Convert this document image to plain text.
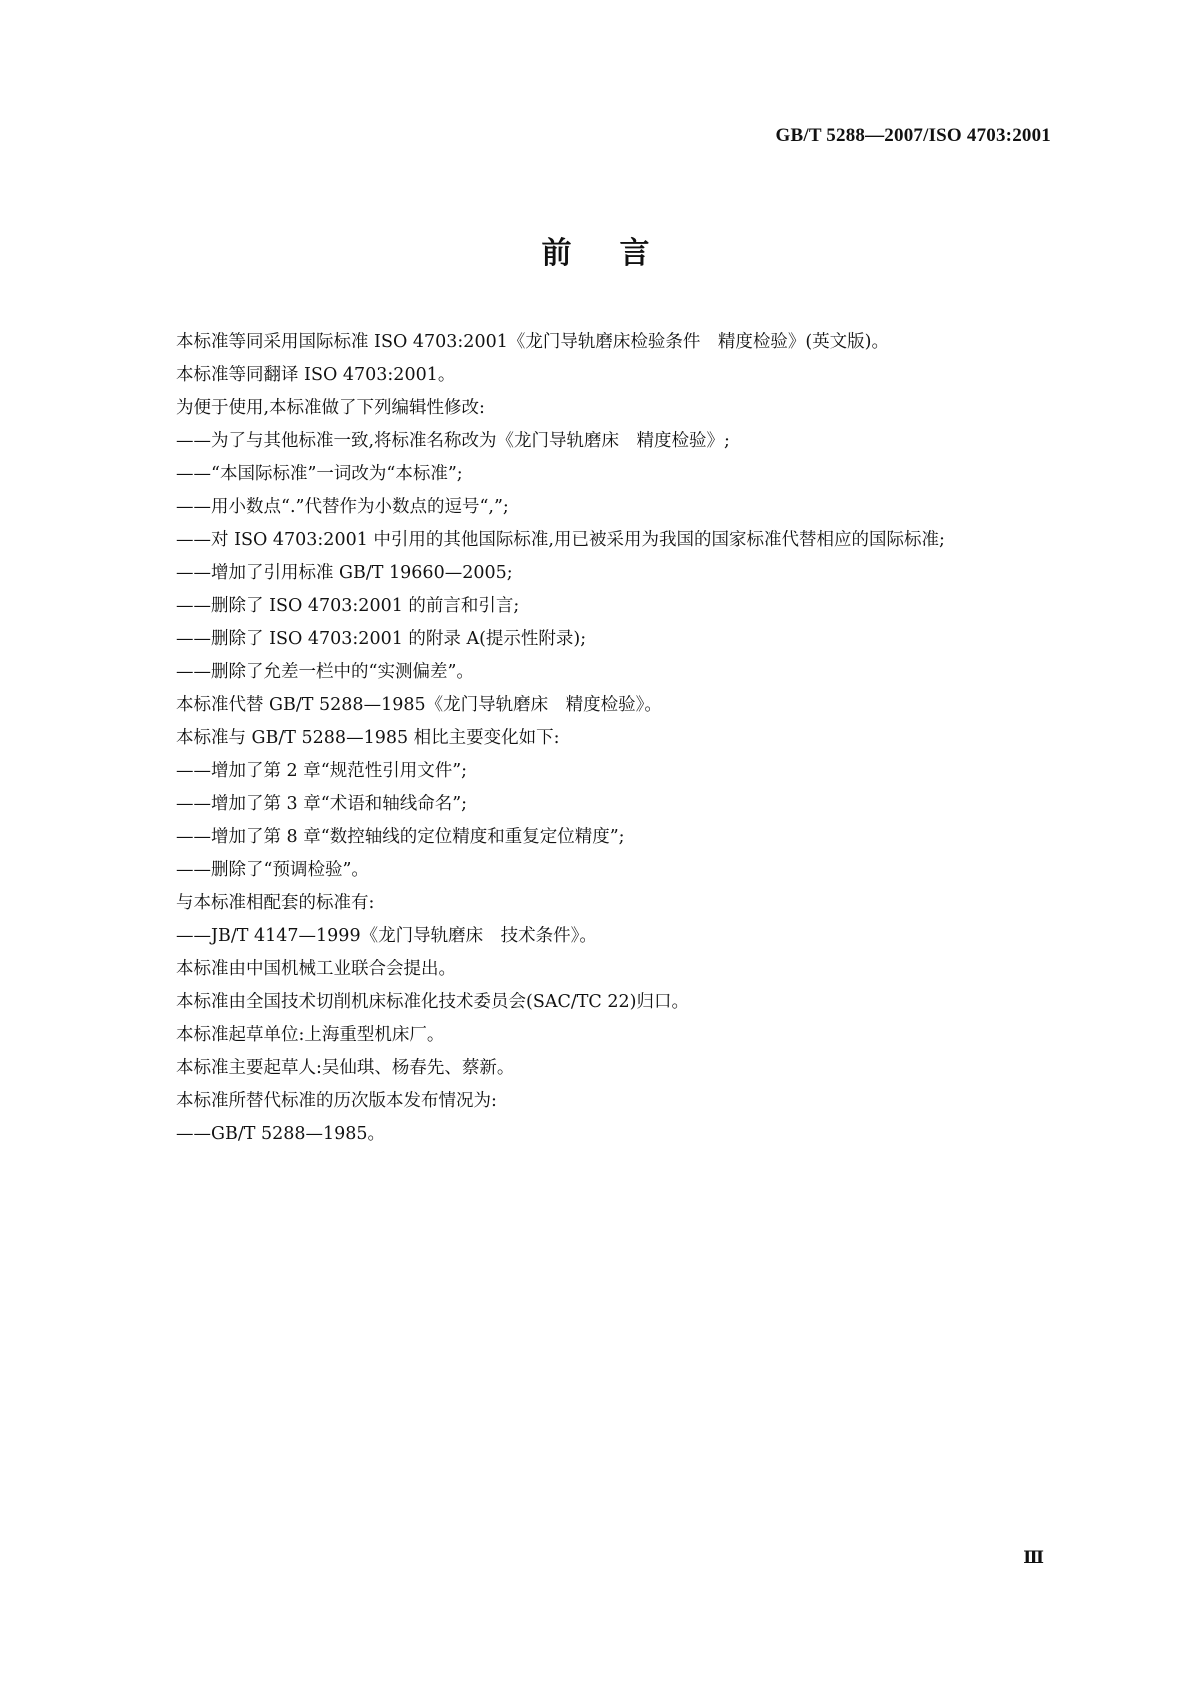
GB/T 5288—2007/ISO 4703:2001
前言

本标准等同采用国际标准 ISO 4703:2001《龙门导轨磨床检验条件　精度检验》(英文版)。

本标准等同翻译 ISO 4703:2001。

为便于使用,本标准做了下列编辑性修改:

——为了与其他标准一致,将标准名称改为《龙门导轨磨床　精度检验》;

——“本国际标准”一词改为“本标准”;

——用小数点“.”代替作为小数点的逗号“,”;

——对 ISO 4703:2001 中引用的其他国际标准,用已被采用为我国的国家标准代替相应的国际标准;

——增加了引用标准 GB/T 19660—2005;

——删除了 ISO 4703:2001 的前言和引言;

——删除了 ISO 4703:2001 的附录 A(提示性附录);

——删除了允差一栏中的“实测偏差”。

本标准代替 GB/T 5288—1985《龙门导轨磨床　精度检验》。

本标准与 GB/T 5288—1985 相比主要变化如下:

——增加了第 2 章“规范性引用文件”;

——增加了第 3 章“术语和轴线命名”;

——增加了第 8 章“数控轴线的定位精度和重复定位精度”;

——删除了“预调检验”。

与本标准相配套的标准有:

——JB/T 4147—1999《龙门导轨磨床　技术条件》。

本标准由中国机械工业联合会提出。

本标准由全国技术切削机床标准化技术委员会(SAC/TC 22)归口。

本标准起草单位:上海重型机床厂。

本标准主要起草人:吴仙琪、杨春先、蔡新。

本标准所替代标准的历次版本发布情况为:

——GB/T 5288—1985。

Ⅲ
